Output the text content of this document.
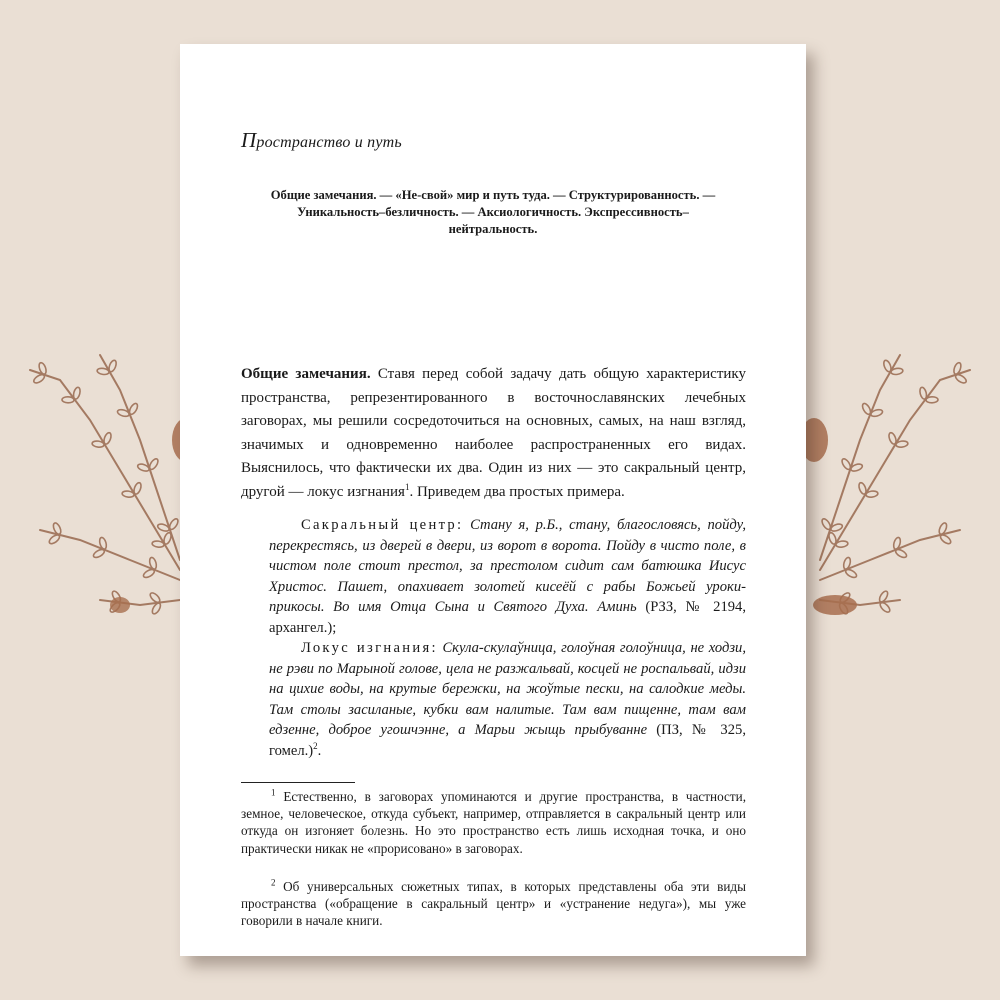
Пространство и путь

Общие замечания. — «Не-свой» мир и путь туда. — Структурированность. — Уникальность–безличность. — Аксиологичность. Экспрессивность–нейтральность.

Общие замечания. Ставя перед собой задачу дать общую характеристику пространства, репрезентированного в восточнославянских лечебных заговорах, мы решили сосредоточиться на основных, самых, на наш взгляд, значимых и одновременно наиболее распространенных его видах. Выяснилось, что фактически их два. Один из них — это сакральный центр, другой — локус изгнания$^1$. Приведем два простых примера.

Сакральный центр: Стану я, р.Б., стану, благословясь, пойду, перекрестясь, из дверей в двери, из ворот в ворота. Пойду в чисто поле, в чистом поле стоит престол, за престолом сидит сам батюшка Иисус Христос. Пашет, опахивает золотей кисеёй с рабы Божьей уроки-прикосы. Во имя Отца Сына и Святого Духа. Аминь (РЗЗ, № 2194, архангел.);

Локус изгнания: Скула-скулаўница, голоўная голоўница, не ходзи, не рэви по Марыной голове, цела не разжальвай, косцей не роспальвай, идзи на цихие воды, на крутые бережки, на жоўтые пески, на салодкие меды. Там столы засиланые, кубки вам налитые. Там вам пищенне, там вам едзенне, доброе угошчэнне, а Марьи жыщь прыбуванне (ПЗ, № 325, гомел.)$^2$.

$^1$ Естественно, в заговорах упоминаются и другие пространства, в частности, земное, человеческое, откуда субъект, например, отправляется в сакральный центр или откуда он изгоняет болезнь. Но это пространство есть лишь исходная точка, и оно практически никак не «прорисовано» в заговорах.

$^2$ Об универсальных сюжетных типах, в которых представлены оба эти виды пространства («обращение в сакральный центр» и «устранение недуга»), мы уже говорили в начале книги.
